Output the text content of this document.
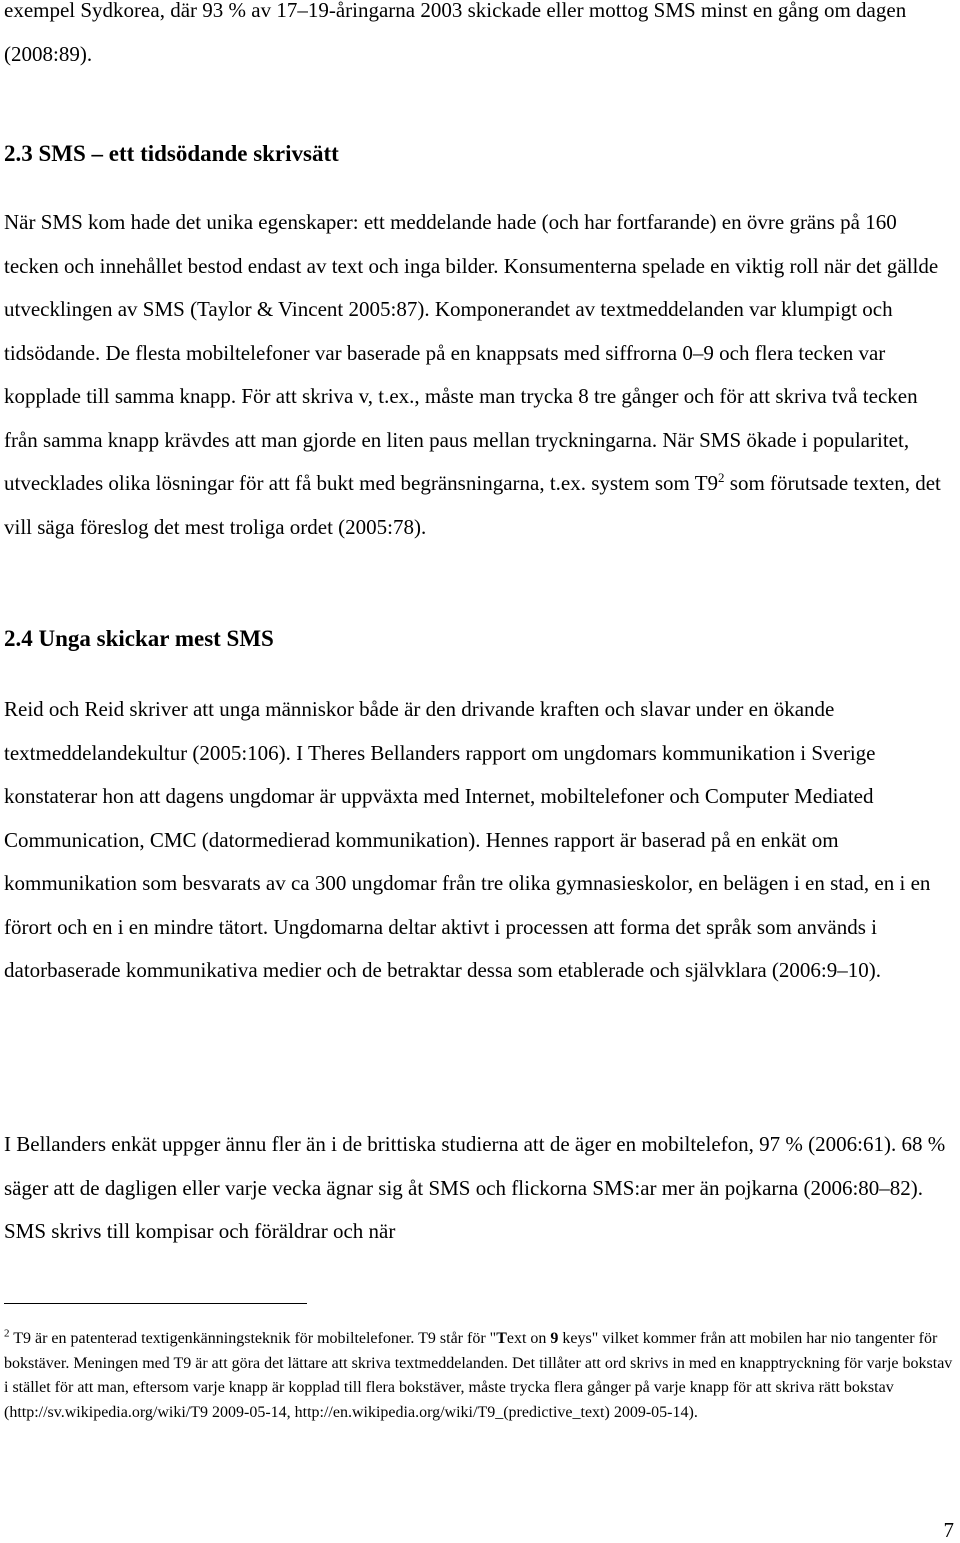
exempel Sydkorea, där 93 % av 17–19-åringarna 2003 skickade eller mottog SMS minst en gång om dagen (2008:89).

2.3 SMS – ett tidsödande skrivsätt

När SMS kom hade det unika egenskaper: ett meddelande hade (och har fortfarande) en övre gräns på 160 tecken och innehållet bestod endast av text och inga bilder. Konsumenterna spelade en viktig roll när det gällde utvecklingen av SMS (Taylor & Vincent 2005:87). Komponerandet av textmeddelanden var klumpigt och tidsödande. De flesta mobiltelefoner var baserade på en knappsats med siffrorna 0–9 och flera tecken var kopplade till samma knapp. För att skriva v, t.ex., måste man trycka 8 tre gånger och för att skriva två tecken från samma knapp krävdes att man gjorde en liten paus mellan tryckningarna. När SMS ökade i popularitet, utvecklades olika lösningar för att få bukt med begränsningarna, t.ex. system som $T9^2$ som förutsade texten, det vill säga föreslog det mest troliga ordet (2005:78).

2.4 Unga skickar mest SMS

Reid och Reid skriver att unga människor både är den drivande kraften och slavar under en ökande textmeddelandekultur (2005:106). I Theres Bellanders rapport om ungdomars kommunikation i Sverige konstaterar hon att dagens ungdomar är uppväxta med Internet, mobiltelefoner och Computer Mediated Communication, CMC (datormedierad kommunikation). Hennes rapport är baserad på en enkät om kommunikation som besvarats av ca 300 ungdomar från tre olika gymnasieskolor, en belägen i en stad, en i en förort och en i en mindre tätort. Ungdomarna deltar aktivt i processen att forma det språk som används i datorbaserade kommunikativa medier och de betraktar dessa som etablerade och självklara (2006:9–10).

I Bellanders enkät uppger ännu fler än i de brittiska studierna att de äger en mobiltelefon, 97 % (2006:61). 68 % säger att de dagligen eller varje vecka ägnar sig åt SMS och flickorna SMS:ar mer än pojkarna (2006:80–82). SMS skrivs till kompisar och föräldrar och när

$^2$ T9 är en patenterad textigenkänningsteknik för mobiltelefoner. T9 står för "Text on 9 keys" vilket kommer från att mobilen har nio tangenter för bokstäver. Meningen med T9 är att göra det lättare att skriva textmeddelanden. Det tillåter att ord skrivs in med en knapptryckning för varje bokstav i stället för att man, eftersom varje knapp är kopplad till flera bokstäver, måste trycka flera gånger på varje knapp för att skriva rätt bokstav (http://sv.wikipedia.org/wiki/T9 2009-05-14, http://en.wikipedia.org/wiki/T9_(predictive_text) 2009-05-14).

7
